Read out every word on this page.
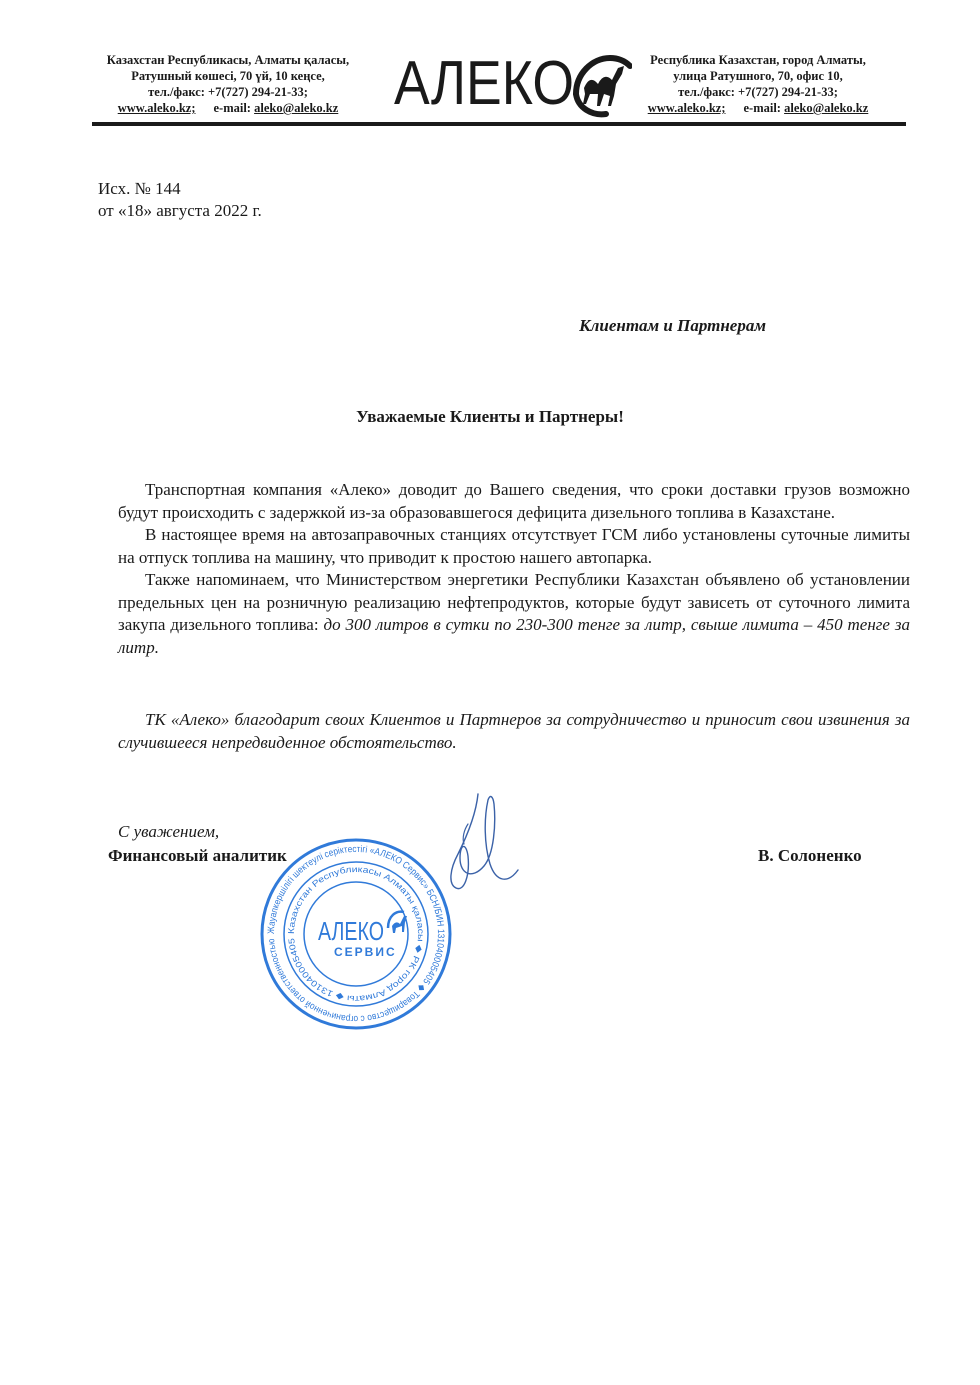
Казахстан Республикасы, Алматы қаласы,
Ратушный көшесі, 70 үй, 10 кеңсе,
тел./факс: +7(727) 294-21-33;
www.aleko.kz; e-mail: aleko@aleko.kz АЛЕКО	Республика Казахстан, город Алматы,
улица Ратушного, 70, офис 10,
тел./факс: +7(727) 294-21-33;
www.aleko.kz; e-mail: aleko@aleko.kz
Исх. № 144
от «18» августа 2022 г.
Клиентам и Партнерам
Уважаемые Клиенты и Партнеры!

Транспортная компания «Алеко» доводит до Вашего сведения, что сроки доставки грузов возможно будут происходить с задержкой из-за образовавшегося дефицита дизельного топлива в Казахстане.

В настоящее время на автозаправочных станциях отсутствует ГСМ либо установлены суточные лимиты на отпуск топлива на машину, что приводит к простою нашего автопарка.

Также напоминаем, что Министерством энергетики Республики Казахстан объявлено об установлении предельных цен на розничную реализацию нефтепродуктов, которые будут зависеть от суточного лимита закупа дизельного топлива: до 300 литров в сутки по 230-300 тенге за литр, свыше лимита – 450 тенге за литр.

ТК «Алеко» благодарит своих Клиентов и Партнеров за сотрудничество и приносит свои извинения за случившееся непредвиденное обстоятельство.
С уважением,
Финансовый аналитик	В. Солоненко
Жауапкершілігі шектеулі серіктестігі «АЛЕКО Сервис» БСН/БИН 131040005405 ◆ Товарищество с ограниченной ответственностью
Казахстан Республикасы Алматы қаласы ◆ РК город Алматы ◆ 131040005405 АЛЕКО
СЕРВИС
